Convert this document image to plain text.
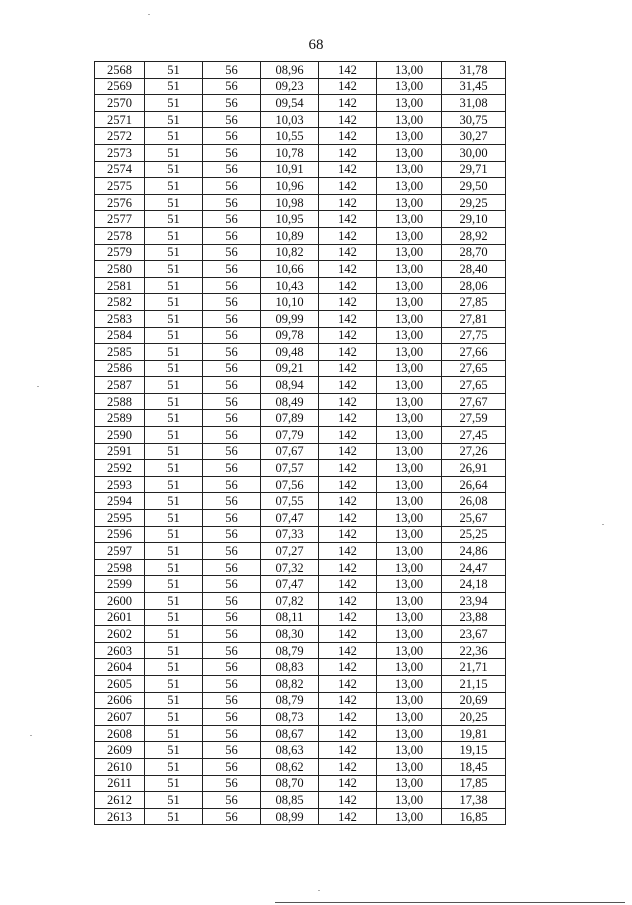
68
2568	51	56	08,96	142	13,00	31,78
2569	51	56	09,23	142	13,00	31,45
2570	51	56	09,54	142	13,00	31,08
2571	51	56	10,03	142	13,00	30,75
2572	51	56	10,55	142	13,00	30,27
2573	51	56	10,78	142	13,00	30,00
2574	51	56	10,91	142	13,00	29,71
2575	51	56	10,96	142	13,00	29,50
2576	51	56	10,98	142	13,00	29,25
2577	51	56	10,95	142	13,00	29,10
2578	51	56	10,89	142	13,00	28,92
2579	51	56	10,82	142	13,00	28,70
2580	51	56	10,66	142	13,00	28,40
2581	51	56	10,43	142	13,00	28,06
2582	51	56	10,10	142	13,00	27,85
2583	51	56	09,99	142	13,00	27,81
2584	51	56	09,78	142	13,00	27,75
2585	51	56	09,48	142	13,00	27,66
2586	51	56	09,21	142	13,00	27,65
2587	51	56	08,94	142	13,00	27,65
2588	51	56	08,49	142	13,00	27,67
2589	51	56	07,89	142	13,00	27,59
2590	51	56	07,79	142	13,00	27,45
2591	51	56	07,67	142	13,00	27,26
2592	51	56	07,57	142	13,00	26,91
2593	51	56	07,56	142	13,00	26,64
2594	51	56	07,55	142	13,00	26,08
2595	51	56	07,47	142	13,00	25,67
2596	51	56	07,33	142	13,00	25,25
2597	51	56	07,27	142	13,00	24,86
2598	51	56	07,32	142	13,00	24,47
2599	51	56	07,47	142	13,00	24,18
2600	51	56	07,82	142	13,00	23,94
2601	51	56	08,11	142	13,00	23,88
2602	51	56	08,30	142	13,00	23,67
2603	51	56	08,79	142	13,00	22,36
2604	51	56	08,83	142	13,00	21,71
2605	51	56	08,82	142	13,00	21,15
2606	51	56	08,79	142	13,00	20,69
2607	51	56	08,73	142	13,00	20,25
2608	51	56	08,67	142	13,00	19,81
2609	51	56	08,63	142	13,00	19,15
2610	51	56	08,62	142	13,00	18,45
2611	51	56	08,70	142	13,00	17,85
2612	51	56	08,85	142	13,00	17,38
2613	51	56	08,99	142	13,00	16,85
